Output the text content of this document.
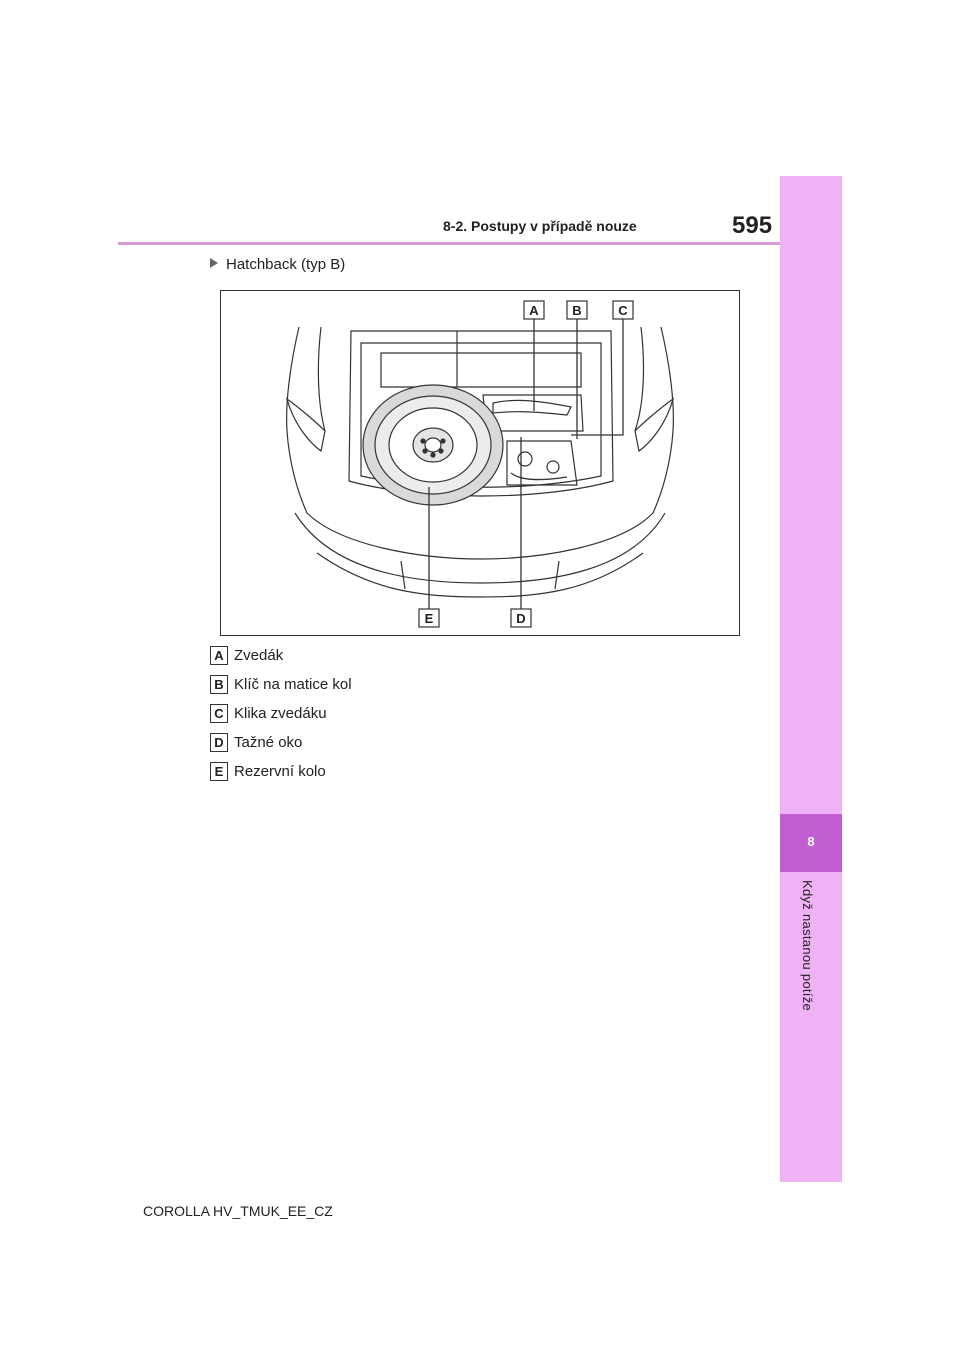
8-2. Postupy v případě nouze	595
8
Když nastanou potíže
Hatchback (typ B)
A	B	C
D
E
A Zvedák
B Klíč na matice kol
C Klika zvedáku
D Tažné oko
E Rezervní kolo
COROLLA HV_TMUK_EE_CZ
